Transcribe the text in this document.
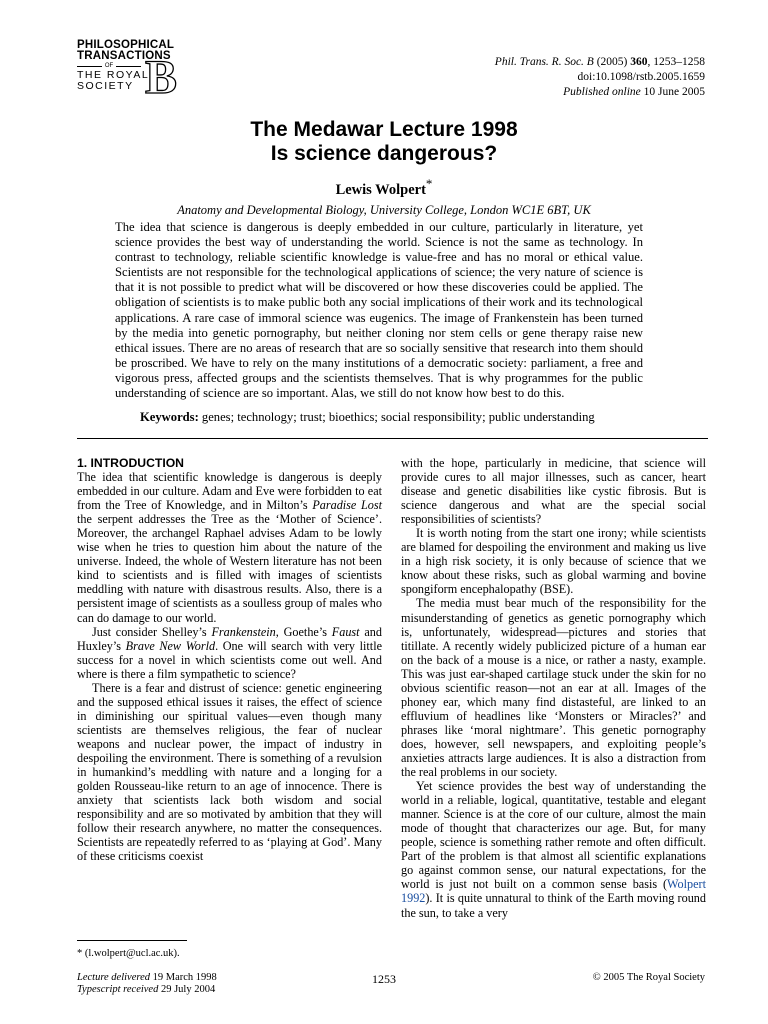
PHILOSOPHICAL
TRANSACTIONS
OF
THE ROYAL
SOCIETY B	Phil. Trans. R. Soc. B (2005) 360, 1253–1258
doi:10.1098/rstb.2005.1659
Published online 10 June 2005
The Medawar Lecture 1998
Is science dangerous?
Lewis Wolpert*
Anatomy and Developmental Biology, University College, London WC1E 6BT, UK
The idea that science is dangerous is deeply embedded in our culture, particularly in literature, yet science provides the best way of understanding the world. Science is not the same as technology. In contrast to technology, reliable scientific knowledge is value-free and has no moral or ethical value. Scientists are not responsible for the technological applications of science; the very nature of science is that it is not possible to predict what will be discovered or how these discoveries could be applied. The obligation of scientists is to make public both any social implications of their work and its technological applications. A rare case of immoral science was eugenics. The image of Frankenstein has been turned by the media into genetic pornography, but neither cloning nor stem cells or gene therapy raise new ethical issues. There are no areas of research that are so socially sensitive that research into them should be proscribed. We have to rely on the many institutions of a democratic society: parliament, a free and vigorous press, affected groups and the scientists themselves. That is why programmes for the public understanding of science are so important. Alas, we still do not know how best to do this.
Keywords: genes; technology; trust; bioethics; social responsibility; public understanding
1. INTRODUCTION

The idea that scientific knowledge is dangerous is deeply embedded in our culture. Adam and Eve were forbidden to eat from the Tree of Knowledge, and in Milton’s Paradise Lost the serpent addresses the Tree as the ‘Mother of Science’. Moreover, the archangel Raphael advises Adam to be lowly wise when he tries to question him about the nature of the universe. Indeed, the whole of Western literature has not been kind to scientists and is filled with images of scientists meddling with nature with disastrous results. Also, there is a persistent image of scientists as a soulless group of males who can do damage to our world.

Just consider Shelley’s Frankenstein, Goethe’s Faust and Huxley’s Brave New World. One will search with very little success for a novel in which scientists come out well. And where is there a film sympathetic to science?

There is a fear and distrust of science: genetic engineering and the supposed ethical issues it raises, the effect of science in diminishing our spiritual values—even though many scientists are themselves religious, the fear of nuclear weapons and nuclear power, the impact of industry in despoiling the environment. There is something of a revulsion in humankind’s meddling with nature and a longing for a golden Rousseau-like return to an age of innocence. There is anxiety that scientists lack both wisdom and social responsibility and are so motivated by ambition that they will follow their research anywhere, no matter the consequences. Scientists are repeatedly referred to as ‘playing at God’. Many of these criticisms coexist

with the hope, particularly in medicine, that science will provide cures to all major illnesses, such as cancer, heart disease and genetic disabilities like cystic fibrosis. But is science dangerous and what are the special social responsibilities of scientists?

It is worth noting from the start one irony; while scientists are blamed for despoiling the environment and making us live in a high risk society, it is only because of science that we know about these risks, such as global warming and bovine spongiform encephalopathy (BSE).

The media must bear much of the responsibility for the misunderstanding of genetics as genetic pornography which is, unfortunately, widespread—pictures and stories that titillate. A recently widely publicized picture of a human ear on the back of a mouse is a nice, or rather a nasty, example. This was just ear-shaped cartilage stuck under the skin for no obvious scientific reason—not an ear at all. Images of the phoney ear, which many find distasteful, are linked to an effluvium of headlines like ‘Monsters or Miracles?’ and phrases like ‘moral nightmare’. This genetic pornography does, however, sell newspapers, and exploiting people’s anxieties attracts large audiences. It is also a distraction from the real problems in our society.

Yet science provides the best way of understanding the world in a reliable, logical, quantitative, testable and elegant manner. Science is at the core of our culture, almost the main mode of thought that characterizes our age. But, for many people, science is something rather remote and often difficult. Part of the problem is that almost all scientific explanations go against common sense, our natural expectations, for the world is just not built on a common sense basis (Wolpert 1992). It is quite unnatural to think of the Earth moving round the sun, to take a very

* (l.wolpert@ucl.ac.uk).
Lecture delivered 19 March 1998
Typescript received 29 July 2004
1253	© 2005 The Royal Society
